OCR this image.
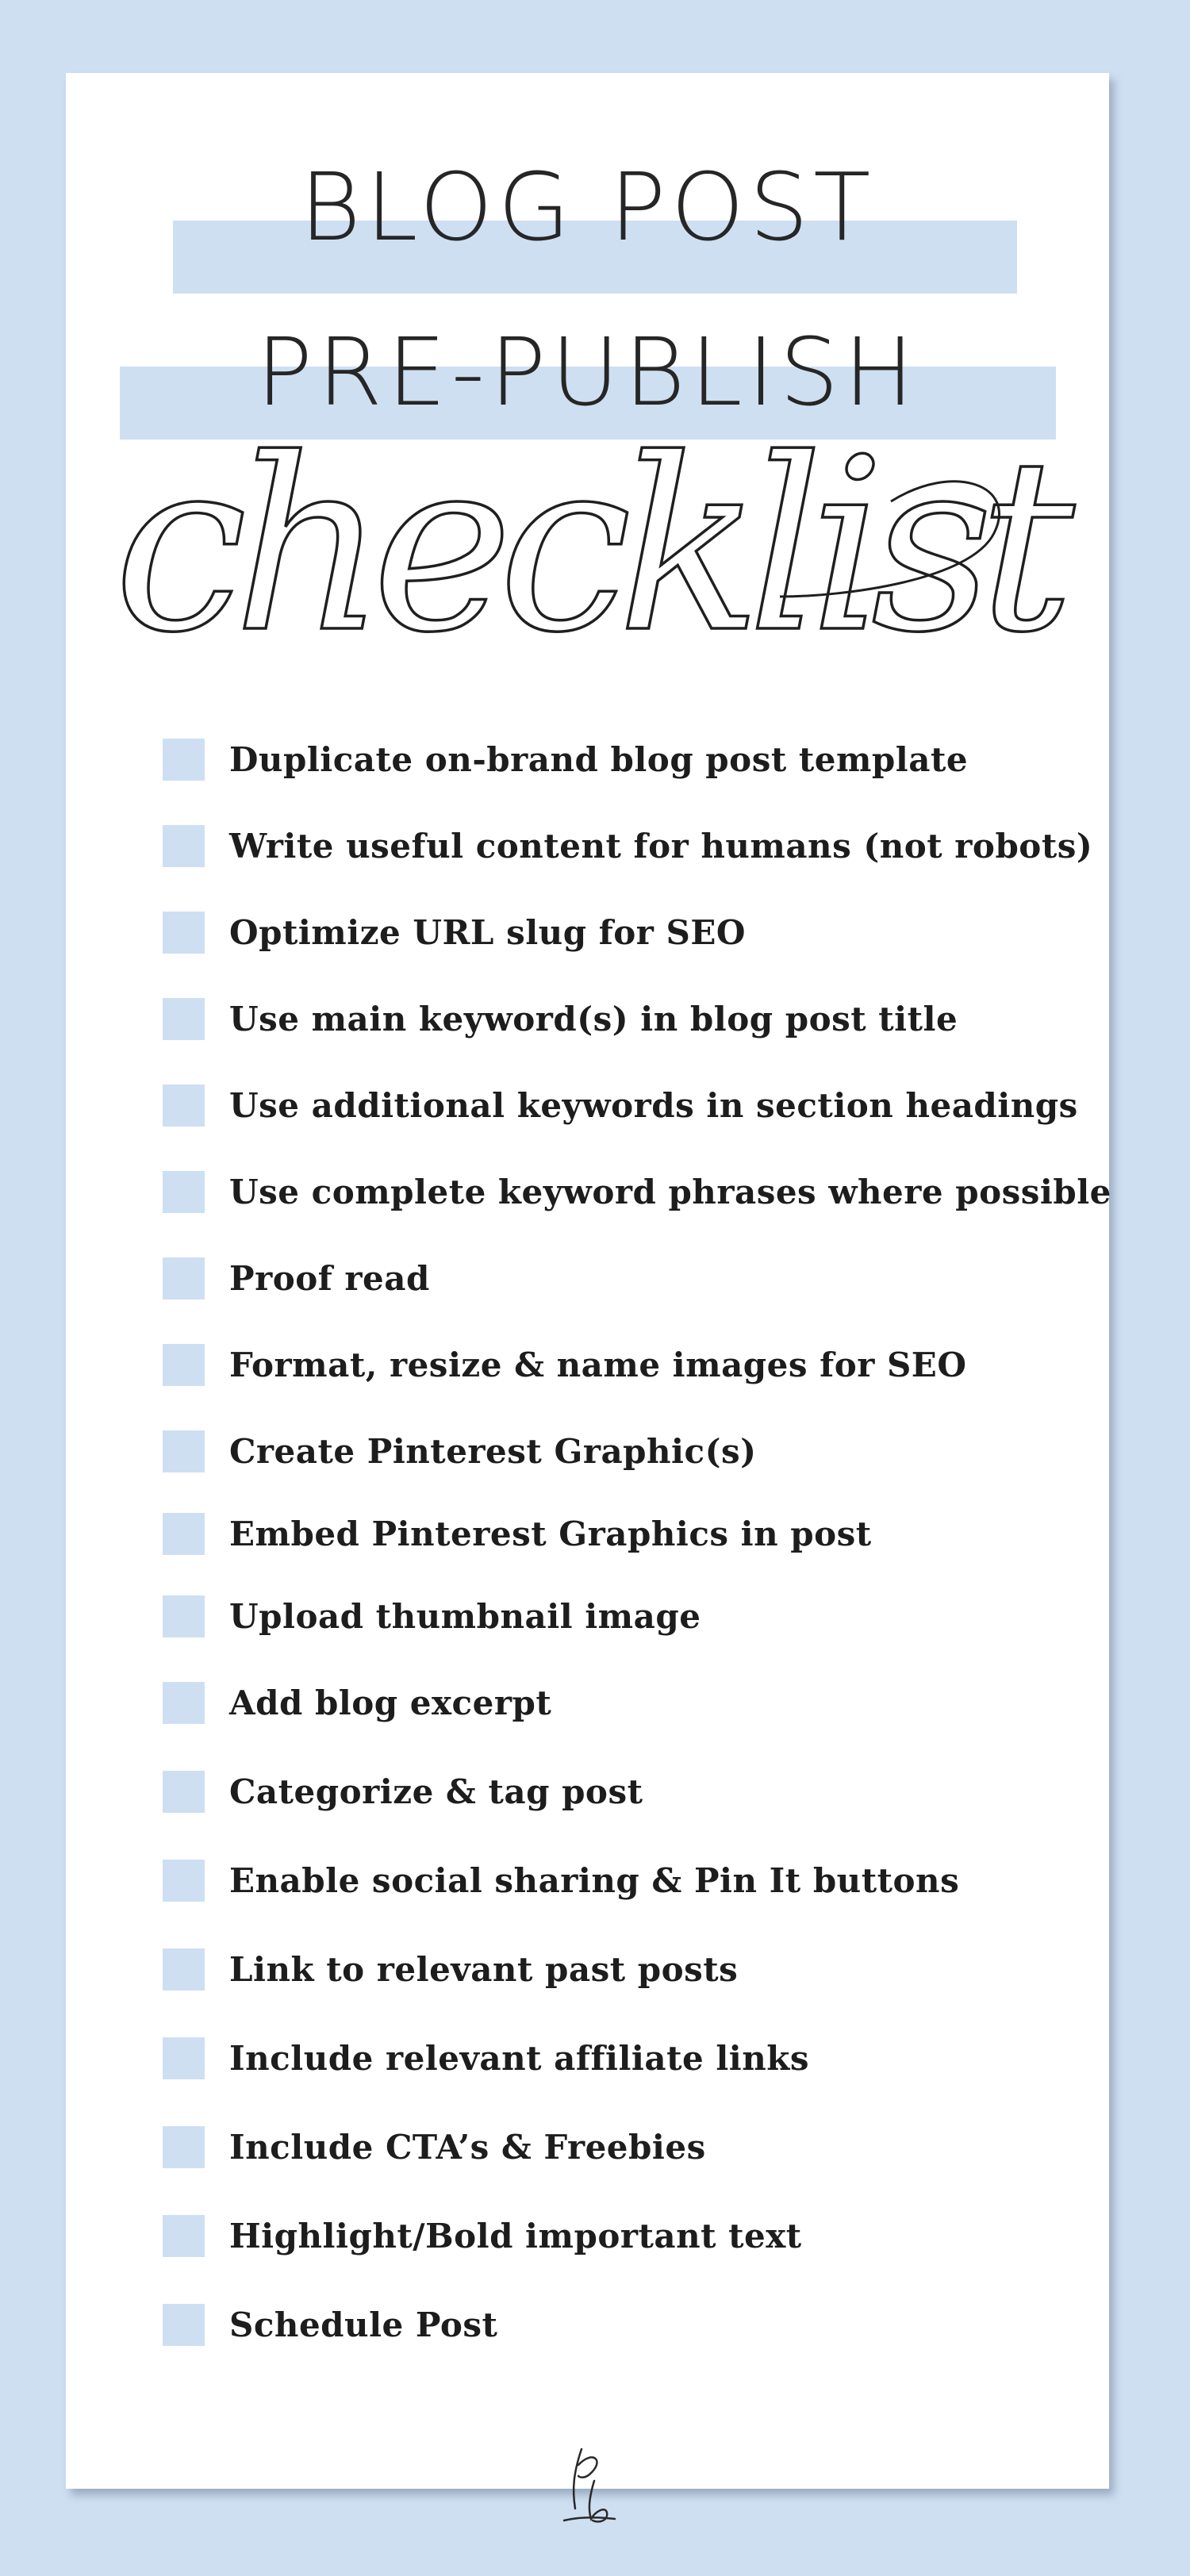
BLOG POST
PRE-PUBLISH
checklist
Duplicate on-brand blog post template
Write useful content for humans (not robots)
Optimize URL slug for SEO
Use main keyword(s) in blog post title
Use additional keywords in section headings
Use complete keyword phrases where possible
Proof read
Format, resize & name images for SEO
Create Pinterest Graphic(s)
Embed Pinterest Graphics in post
Upload thumbnail image
Add blog excerpt
Categorize & tag post
Enable social sharing & Pin It buttons
Link to relevant past posts
Include relevant affiliate links
Include CTA’s & Freebies
Highlight/Bold important text
Schedule Post
